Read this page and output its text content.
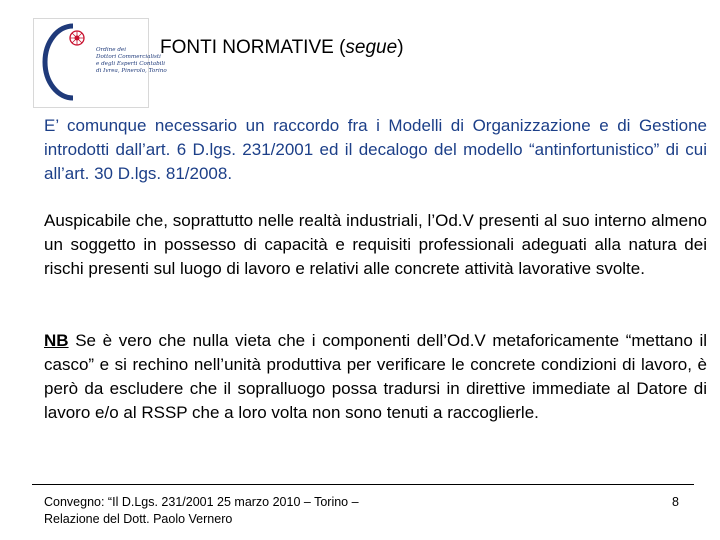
Ordine dei
Dottori Commercialisti
e degli Esperti Contabili
di Ivrea, Pinerolo, Torino
FONTI NORMATIVE (segue)
E’ comunque necessario un raccordo fra i Modelli di Organizzazione e di Gestione introdotti dall’art. 6 D.lgs. 231/2001 ed il decalogo del modello “antinfortunistico” di cui all’art. 30 D.lgs. 81/2008.
Auspicabile che, soprattutto nelle realtà industriali, l’Od.V presenti al suo interno almeno un soggetto in possesso di capacità e requisiti professionali adeguati alla natura dei rischi presenti sul luogo di lavoro e relativi alle concrete attività lavorative svolte.
NB Se è vero che nulla vieta che i componenti dell’Od.V metaforicamente “mettano il casco” e si rechino nell’unità produttiva per verificare le concrete condizioni di lavoro, è però da escludere che il sopralluogo possa tradursi in direttive immediate al Datore di lavoro e/o al RSSP che a loro volta non sono tenuti a raccoglierle.
Convegno: “Il D.Lgs. 231/2001 25 marzo 2010 – Torino –
Relazione del Dott. Paolo Vernero
8
